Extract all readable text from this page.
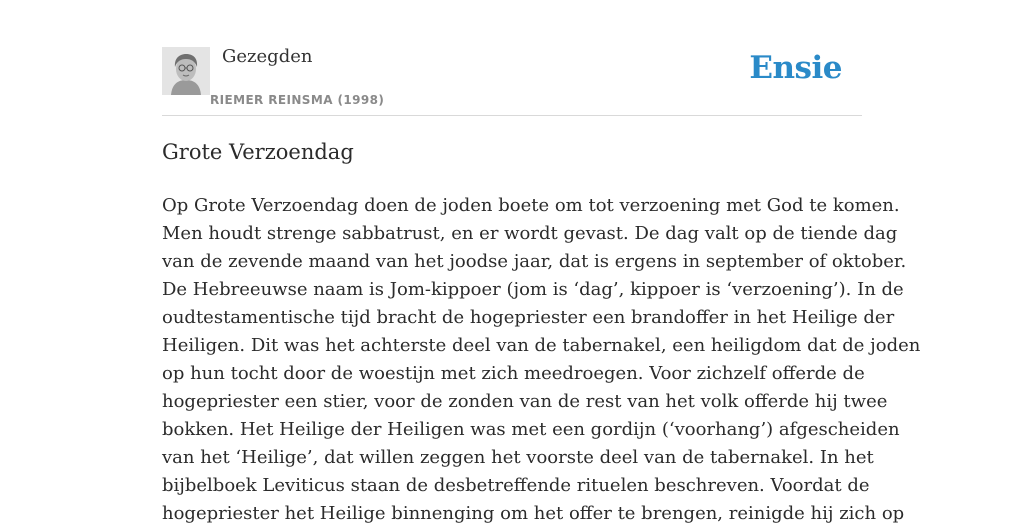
Gezegden
RIEMER REINSMA (1998)
Ensie
Grote Verzoendag

Op Grote Verzoendag doen de joden boete om tot verzoening met God te komen.
Men houdt strenge sabbatrust, en er wordt gevast. De dag valt op de tiende dag
van de zevende maand van het joodse jaar, dat is ergens in september of oktober.
De Hebreeuwse naam is Jom-kippoer (jom is ‘dag’, kippoer is ‘verzoening’). In de
oudtestamentische tijd bracht de hogepriester een brandoffer in het Heilige der
Heiligen. Dit was het achterste deel van de tabernakel, een heiligdom dat de joden
op hun tocht door de woestijn met zich meedroegen. Voor zichzelf offerde de
hogepriester een stier, voor de zonden van de rest van het volk offerde hij twee
bokken. Het Heilige der Heiligen was met een gordijn (‘voorhang’) afgescheiden
van het ‘Heilige’, dat willen zeggen het voorste deel van de tabernakel. In het
bijbelboek Leviticus staan de desbetreffende rituelen beschreven. Voordat de
hogepriester het Heilige binnenging om het offer te brengen, reinigde hij zich op
